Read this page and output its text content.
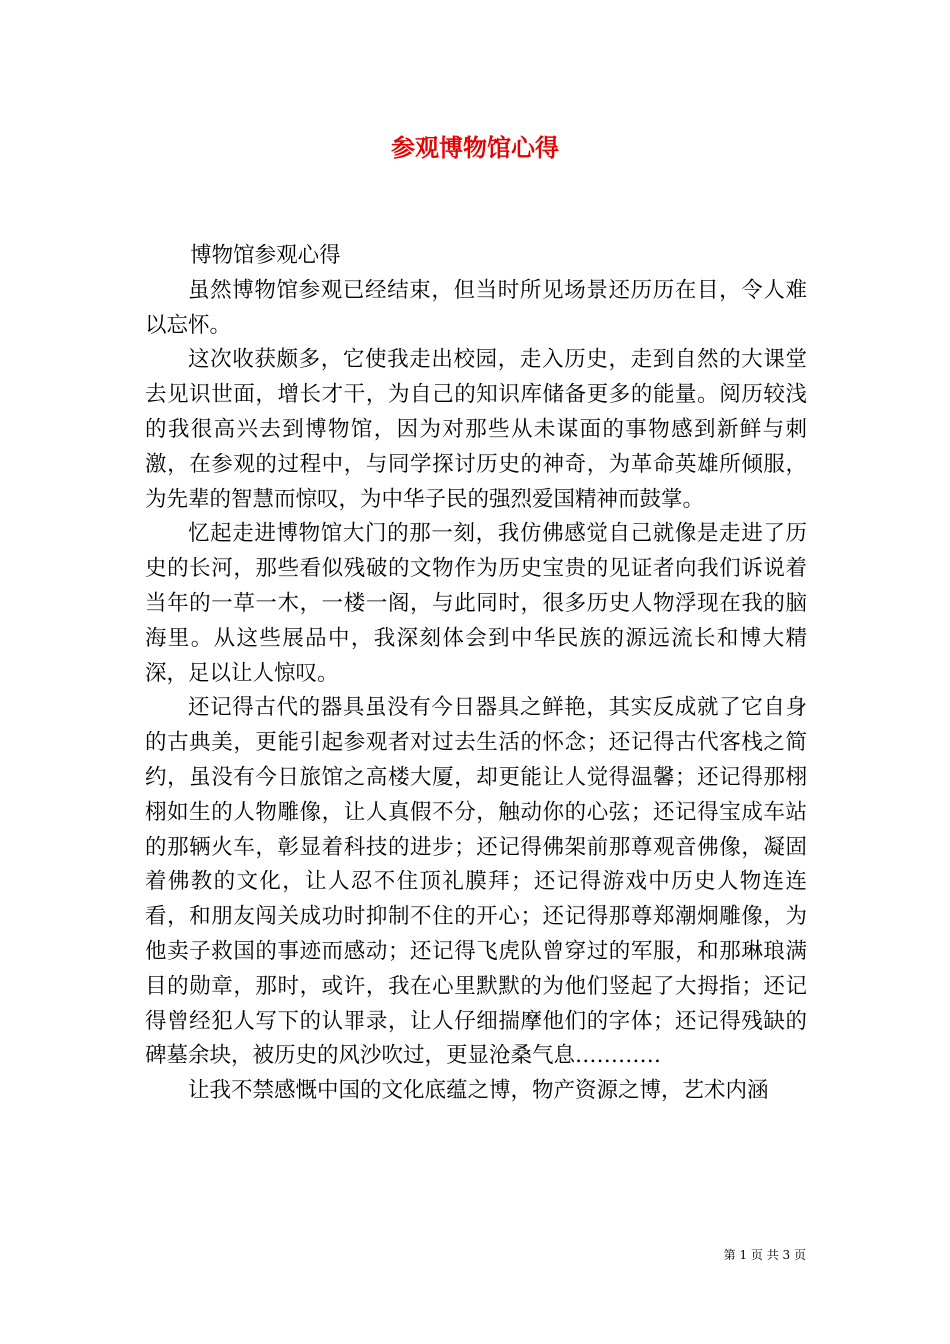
参观博物馆心得

博物馆参观心得

虽然博物馆参观已经结束，但当时所见场景还历历在目，令人难以忘怀。

这次收获颇多，它使我走出校园，走入历史，走到自然的大课堂去见识世面，增长才干，为自己的知识库储备更多的能量。阅历较浅的我很高兴去到博物馆，因为对那些从未谋面的事物感到新鲜与刺激，在参观的过程中，与同学探讨历史的神奇，为革命英雄所倾服，为先辈的智慧而惊叹，为中华子民的强烈爱国精神而鼓掌。

忆起走进博物馆大门的那一刻，我仿佛感觉自己就像是走进了历史的长河，那些看似残破的文物作为历史宝贵的见证者向我们诉说着当年的一草一木，一楼一阁，与此同时，很多历史人物浮现在我的脑海里。从这些展品中，我深刻体会到中华民族的源远流长和博大精深，足以让人惊叹。

还记得古代的器具虽没有今日器具之鲜艳，其实反成就了它自身的古典美，更能引起参观者对过去生活的怀念；还记得古代客栈之简约，虽没有今日旅馆之高楼大厦，却更能让人觉得温馨；还记得那栩栩如生的人物雕像，让人真假不分，触动你的心弦；还记得宝成车站的那辆火车，彰显着科技的进步；还记得佛架前那尊观音佛像，凝固着佛教的文化，让人忍不住顶礼膜拜；还记得游戏中历史人物连连看，和朋友闯关成功时抑制不住的开心；还记得那尊郑潮炯雕像，为他卖子救国的事迹而感动；还记得飞虎队曾穿过的军服，和那琳琅满目的勋章，那时，或许，我在心里默默的为他们竖起了大拇指；还记得曾经犯人写下的认罪录，让人仔细揣摩他们的字体；还记得残缺的碑墓余块，被历史的风沙吹过，更显沧桑气息…………

让我不禁感慨中国的文化底蕴之博，物产资源之博，艺术内涵

第 1 页 共 3 页
